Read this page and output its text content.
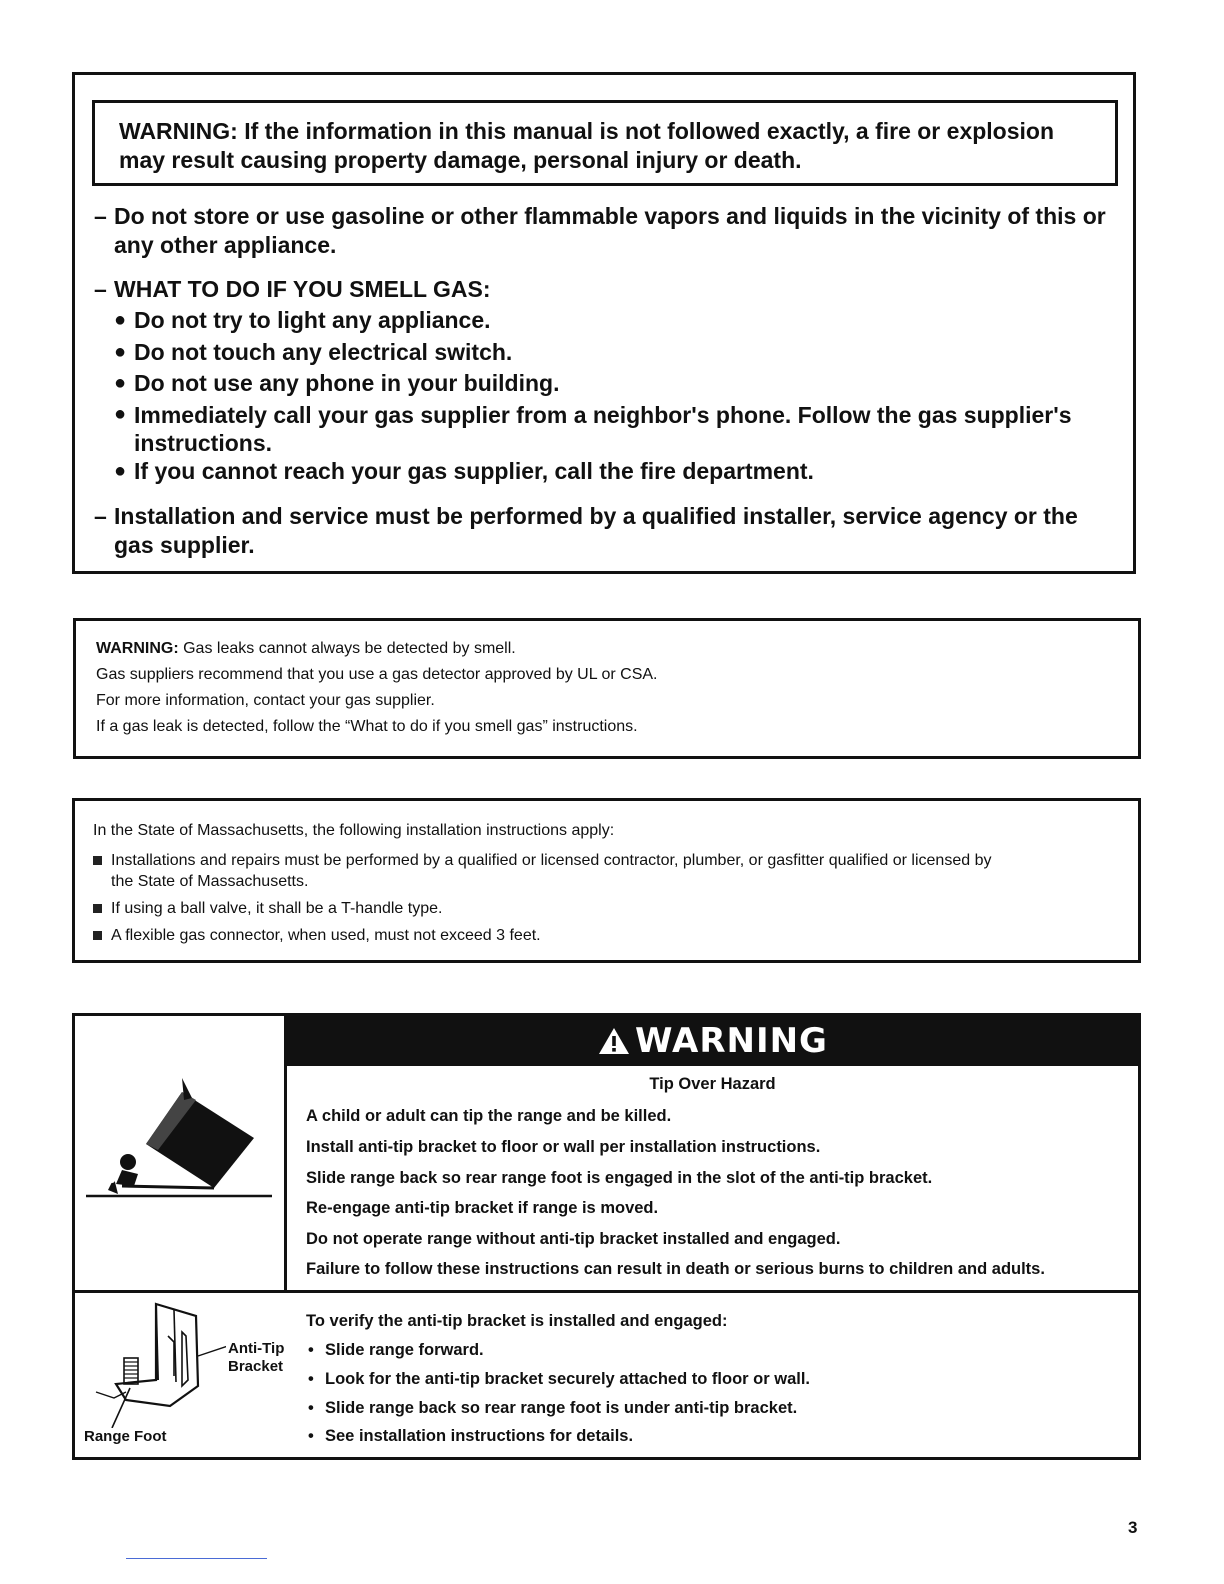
WARNING: If the information in this manual is not followed exactly, a fire or explosion may result causing property damage, personal injury or death.

– Do not store or use gasoline or other flammable vapors and liquids in the vicinity of this or any other appliance.
– WHAT TO DO IF YOU SMELL GAS:
● Do not try to light any appliance.
● Do not touch any electrical switch.
● Do not use any phone in your building.
● Immediately call your gas supplier from a neighbor's phone. Follow the gas supplier's instructions.
● If you cannot reach your gas supplier, call the fire department.
– Installation and service must be performed by a qualified installer, service agency or the gas supplier.
WARNING: Gas leaks cannot always be detected by smell.
Gas suppliers recommend that you use a gas detector approved by UL or CSA.
For more information, contact your gas supplier.
If a gas leak is detected, follow the “What to do if you smell gas” instructions.
In the State of Massachusetts, the following installation instructions apply:
Installations and repairs must be performed by a qualified or licensed contractor, plumber, or gasfitter qualified or licensed by
the State of Massachusetts.
If using a ball valve, it shall be a T-handle type.
A flexible gas connector, when used, must not exceed 3 feet.
WARNING
Tip Over Hazard
A child or adult can tip the range and be killed.
Install anti-tip bracket to floor or wall per installation instructions.
Slide range back so rear range foot is engaged in the slot of the anti-tip bracket.
Re-engage anti-tip bracket if range is moved.
Do not operate range without anti-tip bracket installed and engaged.
Failure to follow these instructions can result in death or serious burns to children and adults.
Anti-Tip
Bracket
Range Foot
To verify the anti-tip bracket is installed and engaged:
• Slide range forward.
• Look for the anti-tip bracket securely attached to floor or wall.
• Slide range back so rear range foot is under anti-tip bracket.
• See installation instructions for details.
3
